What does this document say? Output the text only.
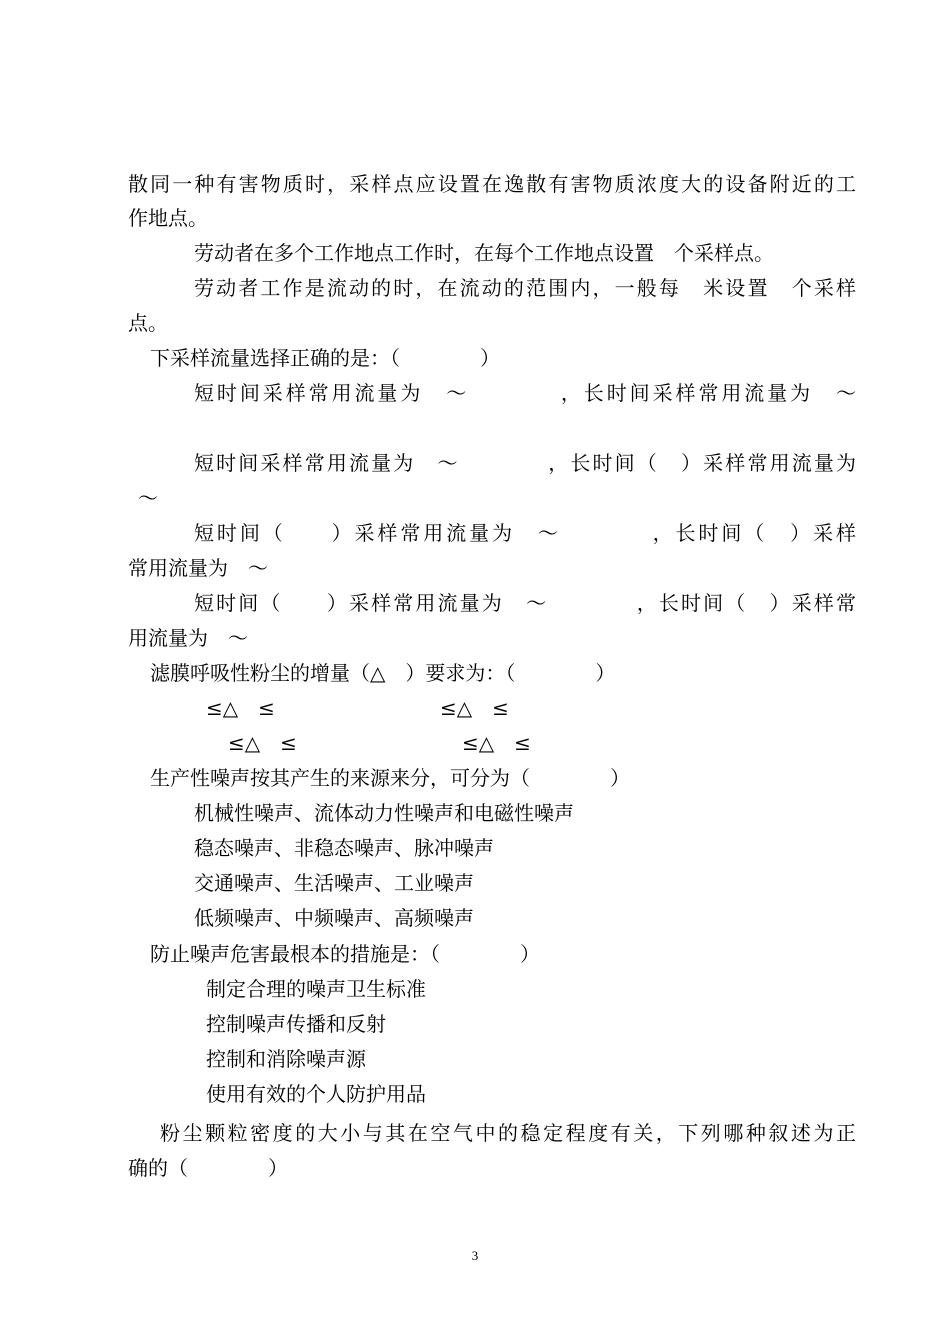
散同一种有害物质时，采样点应设置在逸散有害物质浓度大的设备附近的工

作地点。

劳动者在多个工作地点工作时，在每个工作地点设置　个采样点。

劳动者工作是流动的时，在流动的范围内，一般每　米设置　个采样

点。

下采样流量选择正确的是：（　　　　）

短时间采样常用流量为　～　　　　，长时间采样常用流量为　～

短时间采样常用流量为　～　　　　，长时间（　）采样常用流量为

～

短时间（　　）采样常用流量为　～　　　　，长时间（　）采样

常用流量为　～

短时间（　　）采样常用流量为　～　　　　，长时间（　）采样常

用流量为　～

滤膜呼吸性粉尘的增量（△　）要求为：（　　　　）

≤△　≤	≤△　≤

≤△　≤	≤△　≤

生产性噪声按其产生的来源来分，可分为（　　　　）

机械性噪声、流体动力性噪声和电磁性噪声

稳态噪声、非稳态噪声、脉冲噪声

交通噪声、生活噪声、工业噪声

低频噪声、中频噪声、高频噪声

防止噪声危害最根本的措施是：（　　　　）

制定合理的噪声卫生标准

控制噪声传播和反射

控制和消除噪声源

使用有效的个人防护用品

粉尘颗粒密度的大小与其在空气中的稳定程度有关，下列哪种叙述为正

确的（　　　　）

3
